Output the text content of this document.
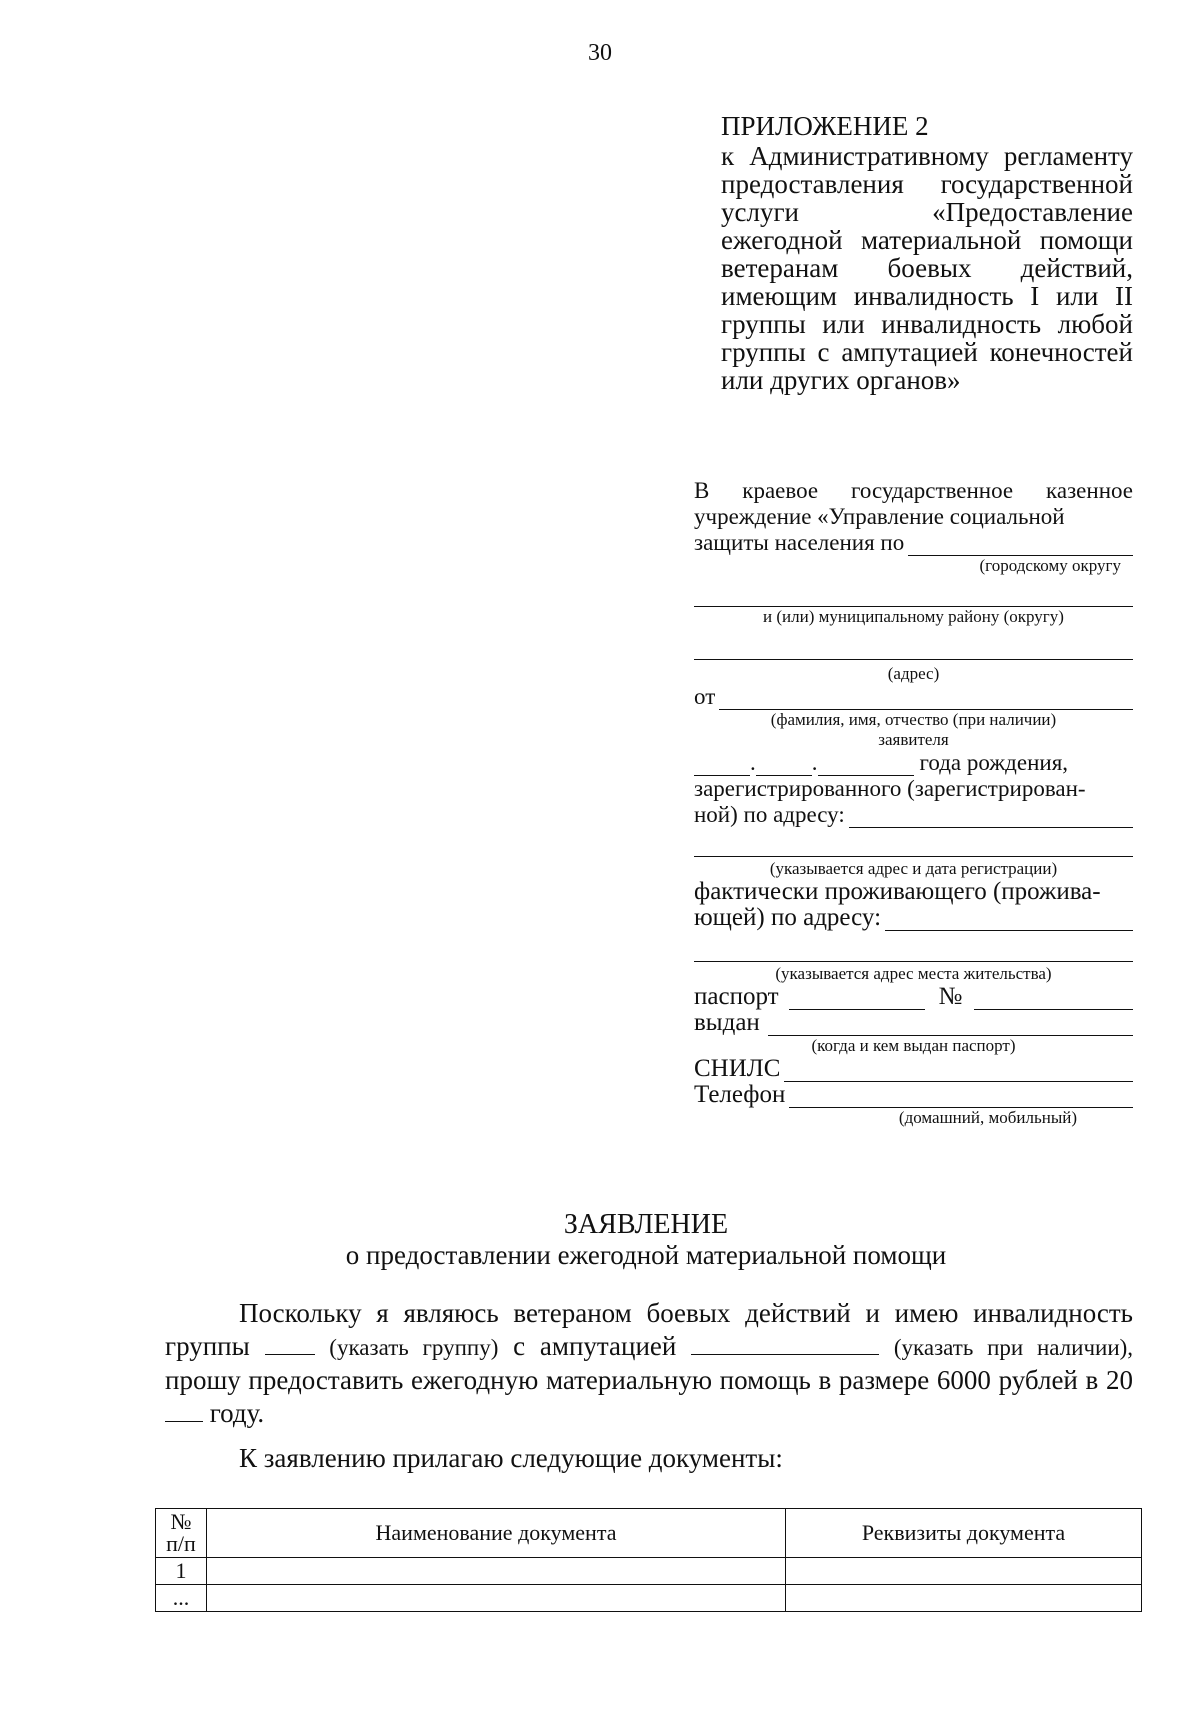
30
ПРИЛОЖЕНИЕ 2
к Административному регламенту предоставления государственной услуги «Предоставление ежегодной материальной помощи ветеранам боевых действий, имеющим инвалидность I или II группы или инвалидность любой группы с ампутацией конечностей или других органов»
В краевое государственное казенное учреждение «Управление социальной
защиты населения по
(городскому округу
и (или) муниципальному району (округу)
(адрес)
от
(фамилия, имя, отчество (при наличии)
заявителя
. .	года рождения,
зарегистрированного (зарегистрирован-
ной) по адресу:
(указывается адрес и дата регистрации)
фактически проживающего (прожива-
ющей) по адресу:
(указывается адрес места жительства)
паспорт	№
выдан
(когда и кем выдан паспорт)
СНИЛС
Телефон
(домашний, мобильный)
ЗАЯВЛЕНИЕ
о предоставлении ежегодной материальной помощи

Поскольку я являюсь ветераном боевых действий и имею инвалидность группы	(указать группу) с ампутацией	(указать при наличии), прошу предоставить ежегодную материальную помощь в размере 6000 рублей в 20 году.

К заявлению прилагаю следующие документы:
№ п/п	Наименование документа	Реквизиты документа
1		
...		
